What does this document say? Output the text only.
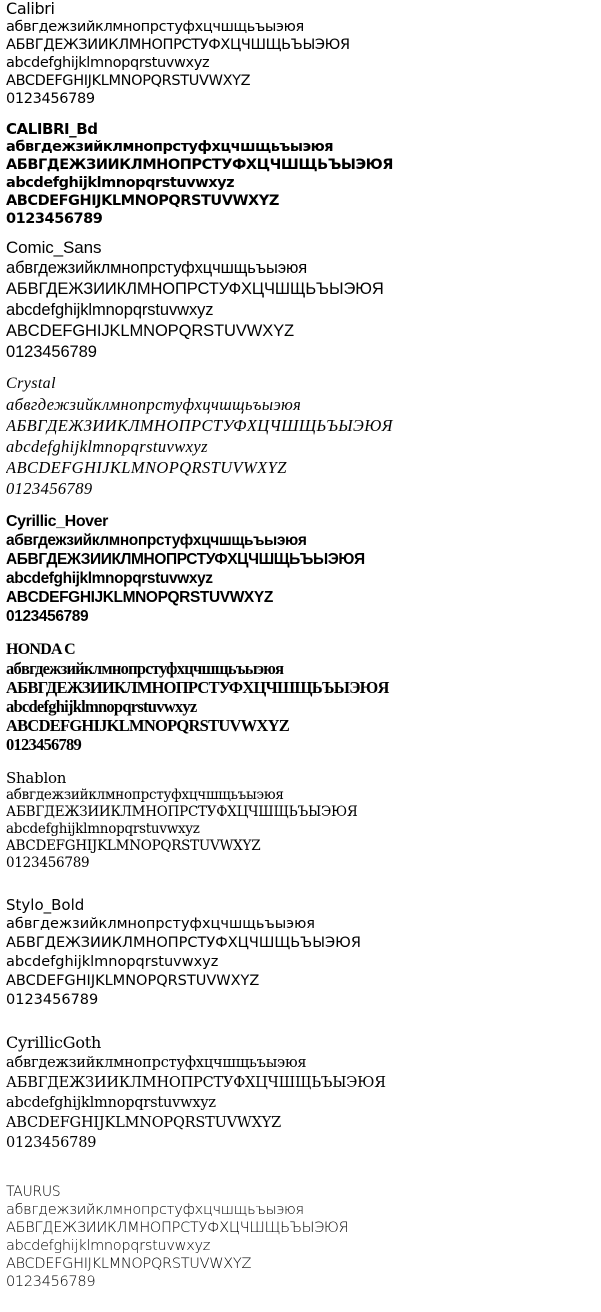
Calibri
абвгдежзийклмнопрстуфхцчшщьъыэюя
АБВГДЕЖЗИИКЛМНОПРСТУФХЦЧШЩЬЪЫЭЮЯ
abcdefghijklmnopqrstuvwxyz
ABCDEFGHIJKLMNOPQRSTUVWXYZ
0123456789
CALIBRI_Bd
абвгдежзийклмнопрстуфхцчшщьъыэюя
АБВГДЕЖЗИИКЛМНОПРСТУФХЦЧШЩЬЪЫЭЮЯ
abcdefghijklmnopqrstuvwxyz
ABCDEFGHIJKLMNOPQRSTUVWXYZ
0123456789
Comic_Sans
абвгдежзийклмнопрстуфхцчшщьъыэюя
АБВГДЕЖЗИИКЛМНОПРСТУФХЦЧШЩЬЪЫЭЮЯ
abcdefghijklmnopqrstuvwxyz
ABCDEFGHIJKLMNOPQRSTUVWXYZ
0123456789
Crystal
абвгдежзийклмнопрстуфхцчшщьъыэюя
АБВГДЕЖЗИИКЛМНОПРСТУФХЦЧШЩЬЪЫЭЮЯ
abcdefghijklmnopqrstuvwxyz
ABCDEFGHIJKLMNOPQRSTUVWXYZ
0123456789
Cyrillic_Hover
абвгдежзийклмнопрстуфхцчшщьъыэюя
АБВГДЕЖЗИИКЛМНОПРСТУФХЦЧШЩЬЪЫЭЮЯ
abcdefghijklmnopqrstuvwxyz
ABCDEFGHIJKLMNOPQRSTUVWXYZ
0123456789
HONDA C
абвгдежзийклмнопрстуфхцчшщьъыэюя
АБВГДЕЖЗИИКЛМНОПРСТУФХЦЧШЩЬЪЫЭЮЯ
abcdefghijklmnopqrstuvwxyz
ABCDEFGHIJKLMNOPQRSTUVWXYZ
0123456789
Shablon
абвгдежзийклмнопрстуфхцчшщьъыэюя
АБВГДЕЖЗИИКЛМНОПРСТУФХЦЧШЩЬЪЫЭЮЯ
abcdefghijklmnopqrstuvwxyz
ABCDEFGHIJKLMNOPQRSTUVWXYZ
0123456789
Stylo_Bold
абвгдежзийклмнопрстуфхцчшщьъыэюя
АБВГДЕЖЗИИКЛМНОПРСТУФХЦЧШЩЬЪЫЭЮЯ
abcdefghijklmnopqrstuvwxyz
ABCDEFGHIJKLMNOPQRSTUVWXYZ
0123456789
CyrillicGoth
абвгдежзийклмнопрстуфхцчшщьъыэюя
АБВГДЕЖЗИИКЛМНОПРСТУФХЦЧШЩЬЪЫЭЮЯ
abcdefghijklmnopqrstuvwxyz
ABCDEFGHIJKLMNOPQRSTUVWXYZ
0123456789
TAURUS
абвгдежзийклмнопрстуфхцчшщьъыэюя
АБВГДЕЖЗИИКЛМНОПРСТУФХЦЧШЩЬЪЫЭЮЯ
abcdefghijklmnopqrstuvwxyz
ABCDEFGHIJKLMNOPQRSTUVWXYZ
0123456789
